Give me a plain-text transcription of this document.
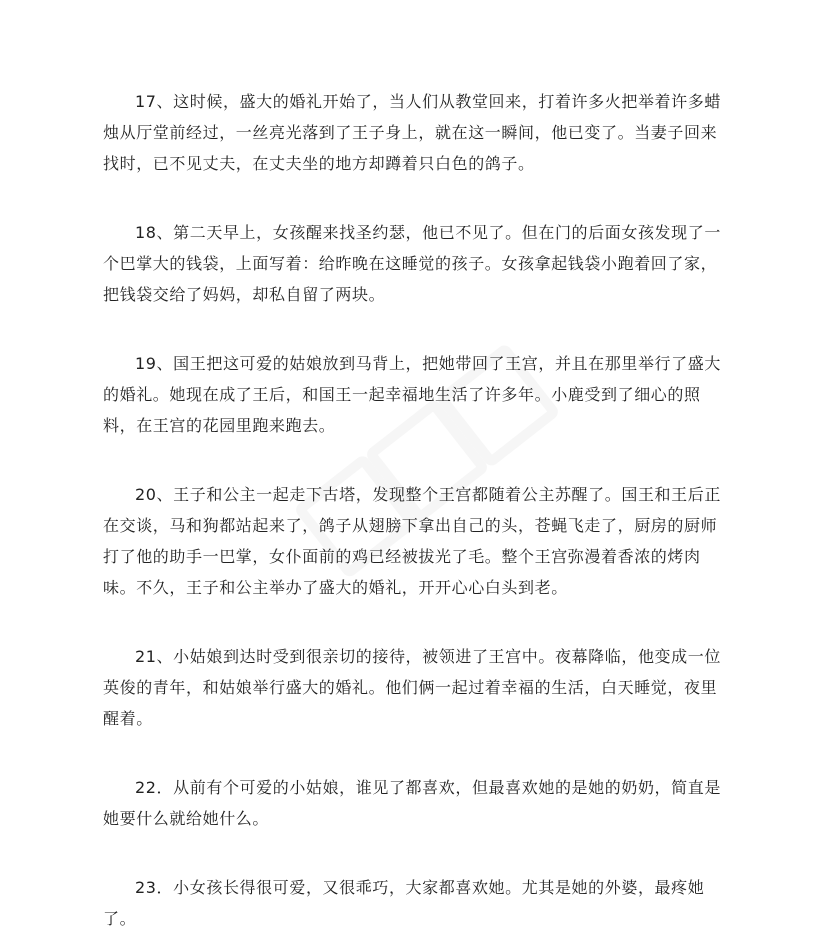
17、这时候，盛大的婚礼开始了，当人们从教堂回来，打着许多火把举着许多蜡烛从厅堂前经过，一丝亮光落到了王子身上，就在这一瞬间，他已变了。当妻子回来找时，已不见丈夫，在丈夫坐的地方却蹲着只白色的鸽子。

18、第二天早上，女孩醒来找圣约瑟，他已不见了。但在门的后面女孩发现了一个巴掌大的钱袋，上面写着：给昨晚在这睡觉的孩子。女孩拿起钱袋小跑着回了家，把钱袋交给了妈妈，却私自留了两块。

19、国王把这可爱的姑娘放到马背上，把她带回了王宫，并且在那里举行了盛大的婚礼。她现在成了王后，和国王一起幸福地生活了许多年。小鹿受到了细心的照料，在王宫的花园里跑来跑去。

20、王子和公主一起走下古塔，发现整个王宫都随着公主苏醒了。国王和王后正在交谈，马和狗都站起来了，鸽子从翅膀下拿出自己的头，苍蝇飞走了，厨房的厨师打了他的助手一巴掌，女仆面前的鸡已经被拔光了毛。整个王宫弥漫着香浓的烤肉味。不久，王子和公主举办了盛大的婚礼，开开心心白头到老。

21、小姑娘到达时受到很亲切的接待，被领进了王宫中。夜幕降临，他变成一位英俊的青年，和姑娘举行盛大的婚礼。他们俩一起过着幸福的生活，白天睡觉，夜里醒着。

22．从前有个可爱的小姑娘，谁见了都喜欢，但最喜欢她的是她的奶奶，简直是她要什么就给她什么。

23．小女孩长得很可爱，又很乖巧，大家都喜欢她。尤其是她的外婆，最疼她了。
